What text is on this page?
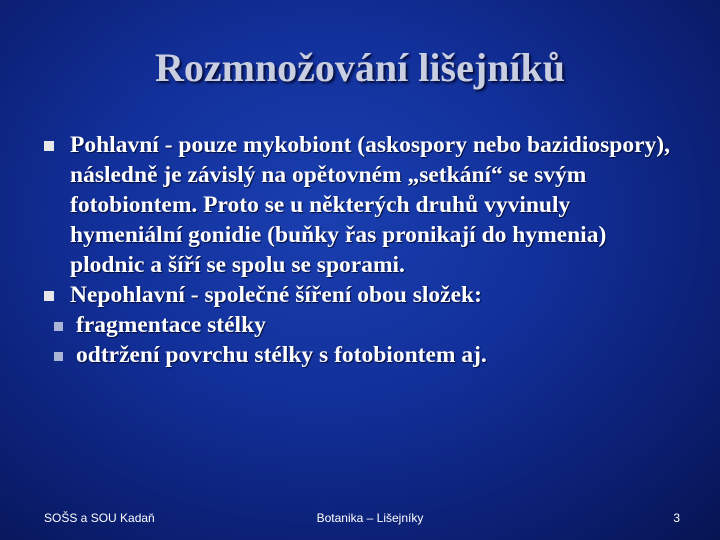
Rozmnožování lišejníků
Pohlavní - pouze mykobiont (askospory nebo bazidiospory), následně je závislý na opětovném „setkání“ se svým fotobiontem. Proto se u některých druhů vyvinuly hymeniální gonidie (buňky řas pronikají do hymenia) plodnic a šíří se spolu se sporami.
Nepohlavní - společné šíření obou složek:
fragmentace stélky
odtržení povrchu stélky s fotobiontem aj.
SOŠS a SOU Kadaň	Botanika – Lišejníky	3
